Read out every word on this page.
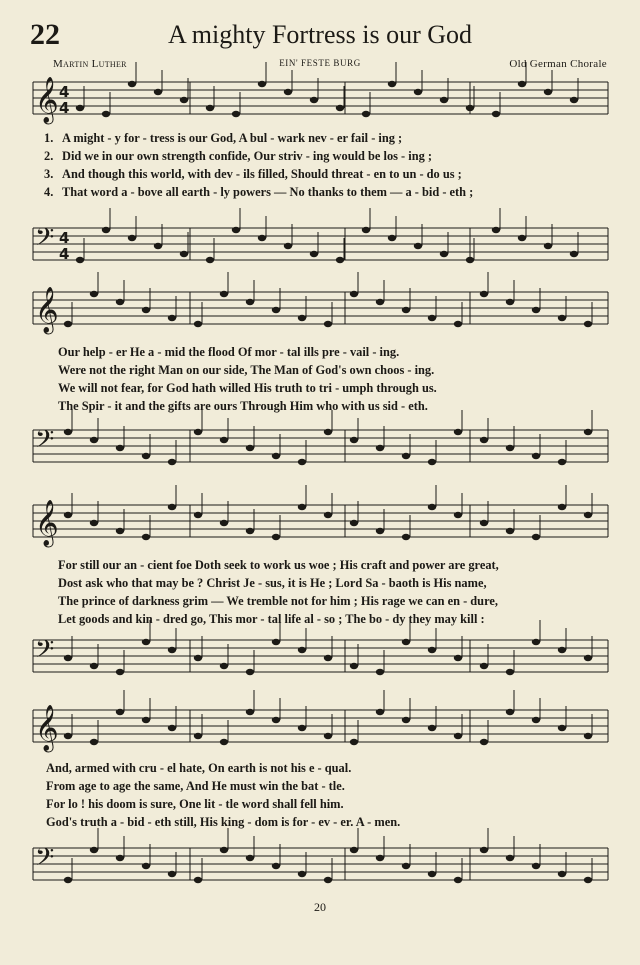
22	A mighty Fortress is our God
Martin Luther	EIN' FESTE BURG	Old German Chorale
𝄞 4
4
𝄢 4
4
𝄞
𝄢
𝄞
𝄢
𝄞
𝄢
1. A might - y for - tress is our God, A bul - wark nev - er fail - ing ;
2. Did we in our own strength confide, Our striv - ing would be los - ing ;
3. And though this world, with dev - ils filled, Should threat - en to un - do us ;
4. That word a - bove all earth - ly powers — No thanks to them — a - bid - eth ;
Our help - er He a - mid the flood Of mor - tal ills pre - vail - ing.
Were not the right Man on our side, The Man of God's own choos - ing.
We will not fear, for God hath willed His truth to tri - umph through us.
The Spir - it and the gifts are ours Through Him who with us sid - eth.
For still our an - cient foe Doth seek to work us woe ; His craft and power are great,
Dost ask who that may be ? Christ Je - sus, it is He ; Lord Sa - baoth is His name,
The prince of darkness grim — We tremble not for him ; His rage we can en - dure,
Let goods and kin - dred go, This mor - tal life al - so ; The bo - dy they may kill :
And, armed with cru - el hate, On earth is not his e - qual.
From age to age the same, And He must win the bat - tle.
For lo ! his doom is sure, One lit - tle word shall fell him.
God's truth a - bid - eth still, His king - dom is for - ev - er. A - men.
20
